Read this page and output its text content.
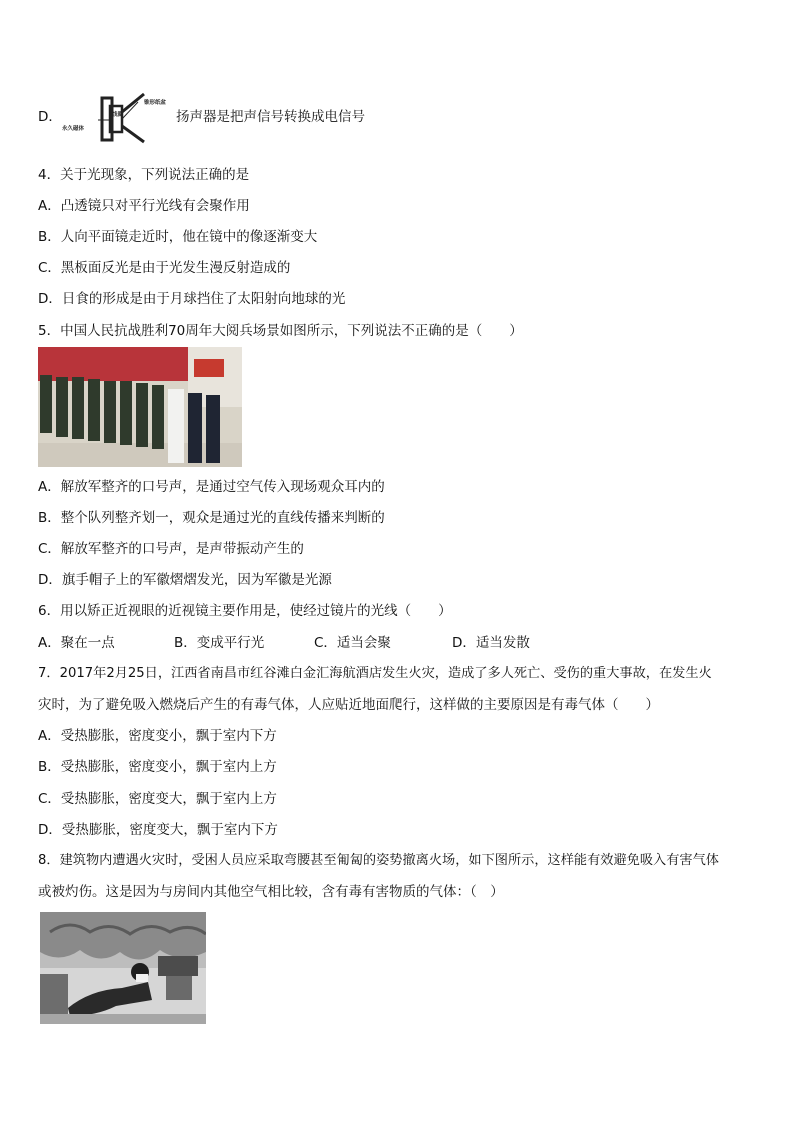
D．
永久磁体
线圈
锥形纸盆
扬声器是把声信号转换成电信号
4．关于光现象，下列说法正确的是
A．凸透镜只对平行光线有会聚作用
B．人向平面镜走近时，他在镜中的像逐渐变大
C．黑板面反光是由于光发生漫反射造成的
D．日食的形成是由于月球挡住了太阳射向地球的光
5．中国人民抗战胜利70周年大阅兵场景如图所示，下列说法不正确的是（　　）
A．解放军整齐的口号声，是通过空气传入现场观众耳内的
B．整个队列整齐划一，观众是通过光的直线传播来判断的
C．解放军整齐的口号声，是声带振动产生的
D．旗手帽子上的军徽熠熠发光，因为军徽是光源
6．用以矫正近视眼的近视镜主要作用是，使经过镜片的光线（　　）
A．聚在一点	B．变成平行光	C．适当会聚	D．适当发散
7．2017年2月25日，江西省南昌市红谷滩白金汇海航酒店发生火灾，造成了多人死亡、受伤的重大事故，在发生火
灾时，为了避免吸入燃烧后产生的有毒气体，人应贴近地面爬行，这样做的主要原因是有毒气体（　　）
A．受热膨胀，密度变小，飘于室内下方
B．受热膨胀，密度变小，飘于室内上方
C．受热膨胀，密度变大，飘于室内上方
D．受热膨胀，密度变大，飘于室内下方
8．建筑物内遭遇火灾时，受困人员应采取弯腰甚至匍匐的姿势撤离火场，如下图所示，这样能有效避免吸入有害气体
或被灼伤。这是因为与房间内其他空气相比较，含有毒有害物质的气体：（　）
